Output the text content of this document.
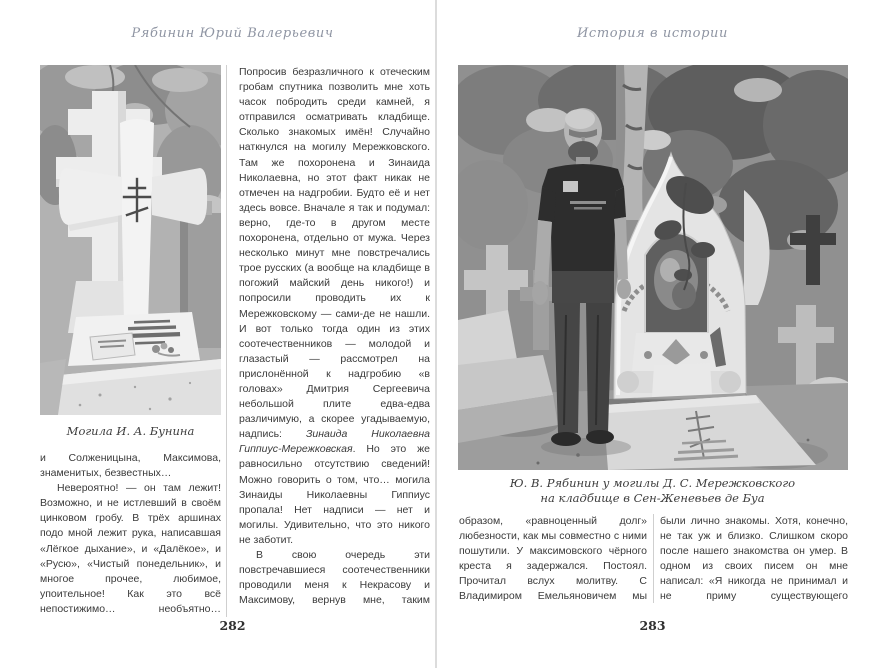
Рябинин Юрий Валерьевич
Могила И. А. Бунина

и Солженицына, Максимова, знаменитых, безвестных…

Невероятно! — он там лежит! Возможно, и не истлевший в своём цинковом гробу. В трёх аршинах подо мной лежит рука, написавшая «Лёгкое дыхание», и «Далёкое», и «Русю», «Чистый понедельник», и многое прочее, любимое, упоительное! Как это всё непостижимо… необъятно…

Попросив безразличного к отеческим гробам спутника позволить мне хоть часок побродить среди камней, я отправился осматривать кладбище. Сколько знакомых имён! Случайно наткнулся на могилу Мережковского. Там же похоронена и Зинаида Николаевна, но этот факт никак не отмечен на надгробии. Будто её и нет здесь вовсе. Вначале я так и подумал: верно, где-то в другом месте похоронена, отдельно от мужа. Через несколько минут мне повстречались трое русских (а вообще на кладбище в погожий майский день никого!) и попросили проводить их к Мережковскому — сами-де не нашли. И вот только тогда один из этих соотечественников — молодой и глазастый — рассмотрел на прислонённой к надгробию «в головах» Дмитрия Сергеевича небольшой плите едва-едва различимую, а скорее угадываемую, надпись: Зинаида Николаевна Гиппиус-Мережковская. Но это же равносильно отсутствию сведений! Можно говорить о том, что… могила Зинаиды Николаевны Гиппиус пропала! Нет надписи — нет и могилы. Удивительно, что это никого не заботит.

В свою очередь эти повстречавшиеся соотечественники проводили меня к Некрасову и Максимову, вернув мне, таким

282
История в истории
Ю. В. Рябинин у могилы Д. С. Мережковского
на кладбище в Сен-Женевьев де Буа

образом, «равноценный долг» любезности, как мы совместно с ними пошутили. У максимовского чёрного креста я задержался. Постоял. Прочитал вслух молитву. С Владимиром Емельяновичем мы

были лично знакомы. Хотя, конечно, не так уж и близко. Слишком скоро после нашего знакомства он умер. В одном из своих писем он мне написал: «Я никогда не принимал и не приму существующего

283
